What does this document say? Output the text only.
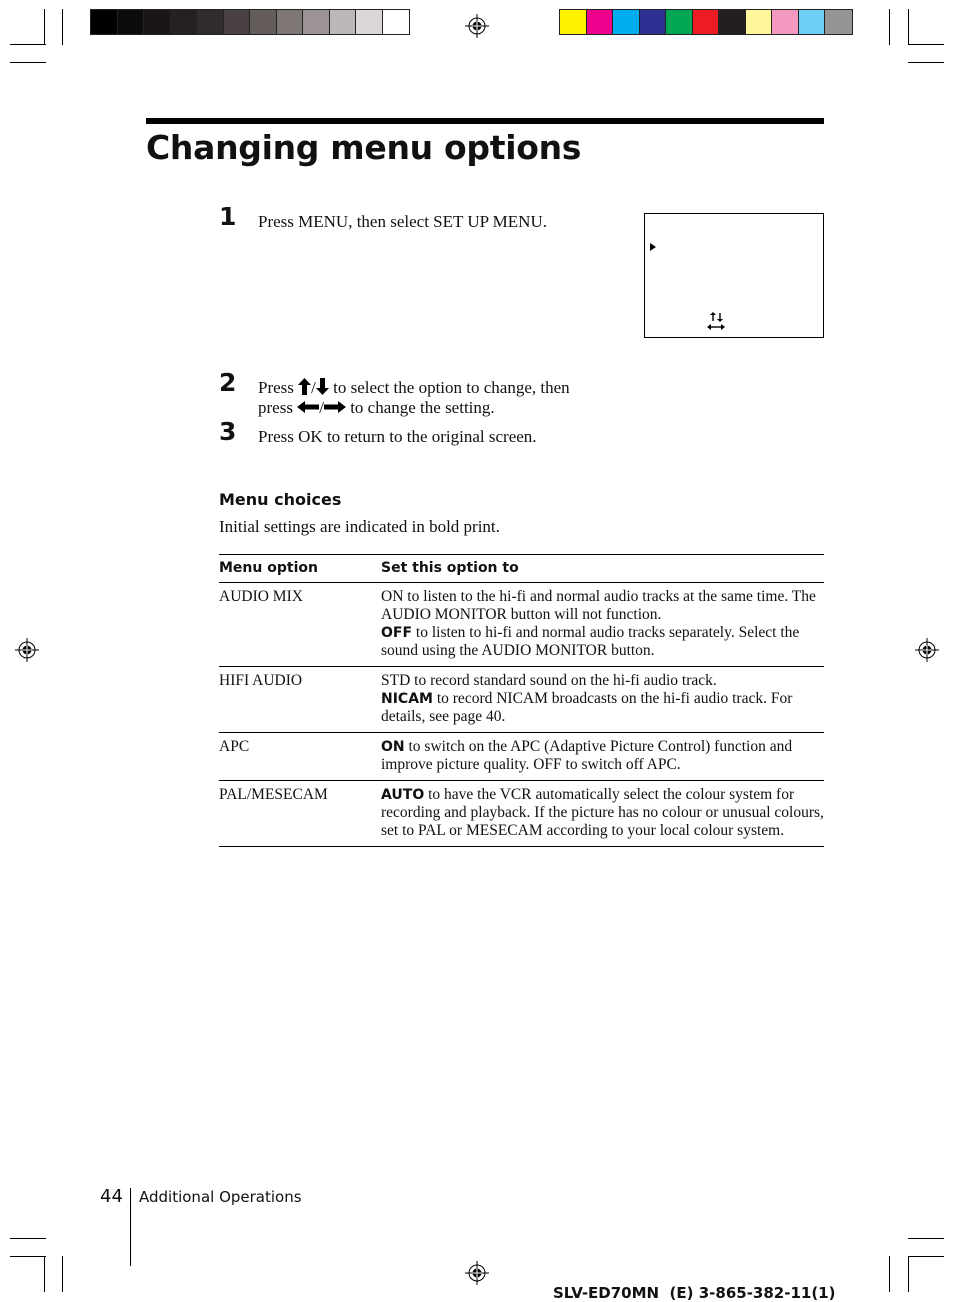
Changing menu options
1 Press MENU, then select SET UP MENU.
2 Press / to select the option to change, then
press / to change the setting.
3 Press OK to return to the original screen.
Menu choices
Initial settings are indicated in bold print.
Menu option	Set this option to
AUDIO MIX	ON to listen to the hi-fi and normal audio tracks at the same time. The AUDIO MONITOR button will not function.
OFF to listen to hi-fi and normal audio tracks separately. Select the sound using the AUDIO MONITOR button.

HIFI AUDIO	STD to record standard sound on the hi-fi audio track.
NICAM to record NICAM broadcasts on the hi-fi audio track. For details, see page 40.

APC	ON to switch on the APC (Adaptive Picture Control) function and improve picture quality. OFF to switch off APC.

PAL/MESECAM	AUTO to have the VCR automatically select the colour system for recording and playback. If the picture has no colour or unusual colours, set to PAL or MESECAM according to your local colour system.
44 Additional Operations
SLV-ED70MN  (E) 3-865-382-11(1)
